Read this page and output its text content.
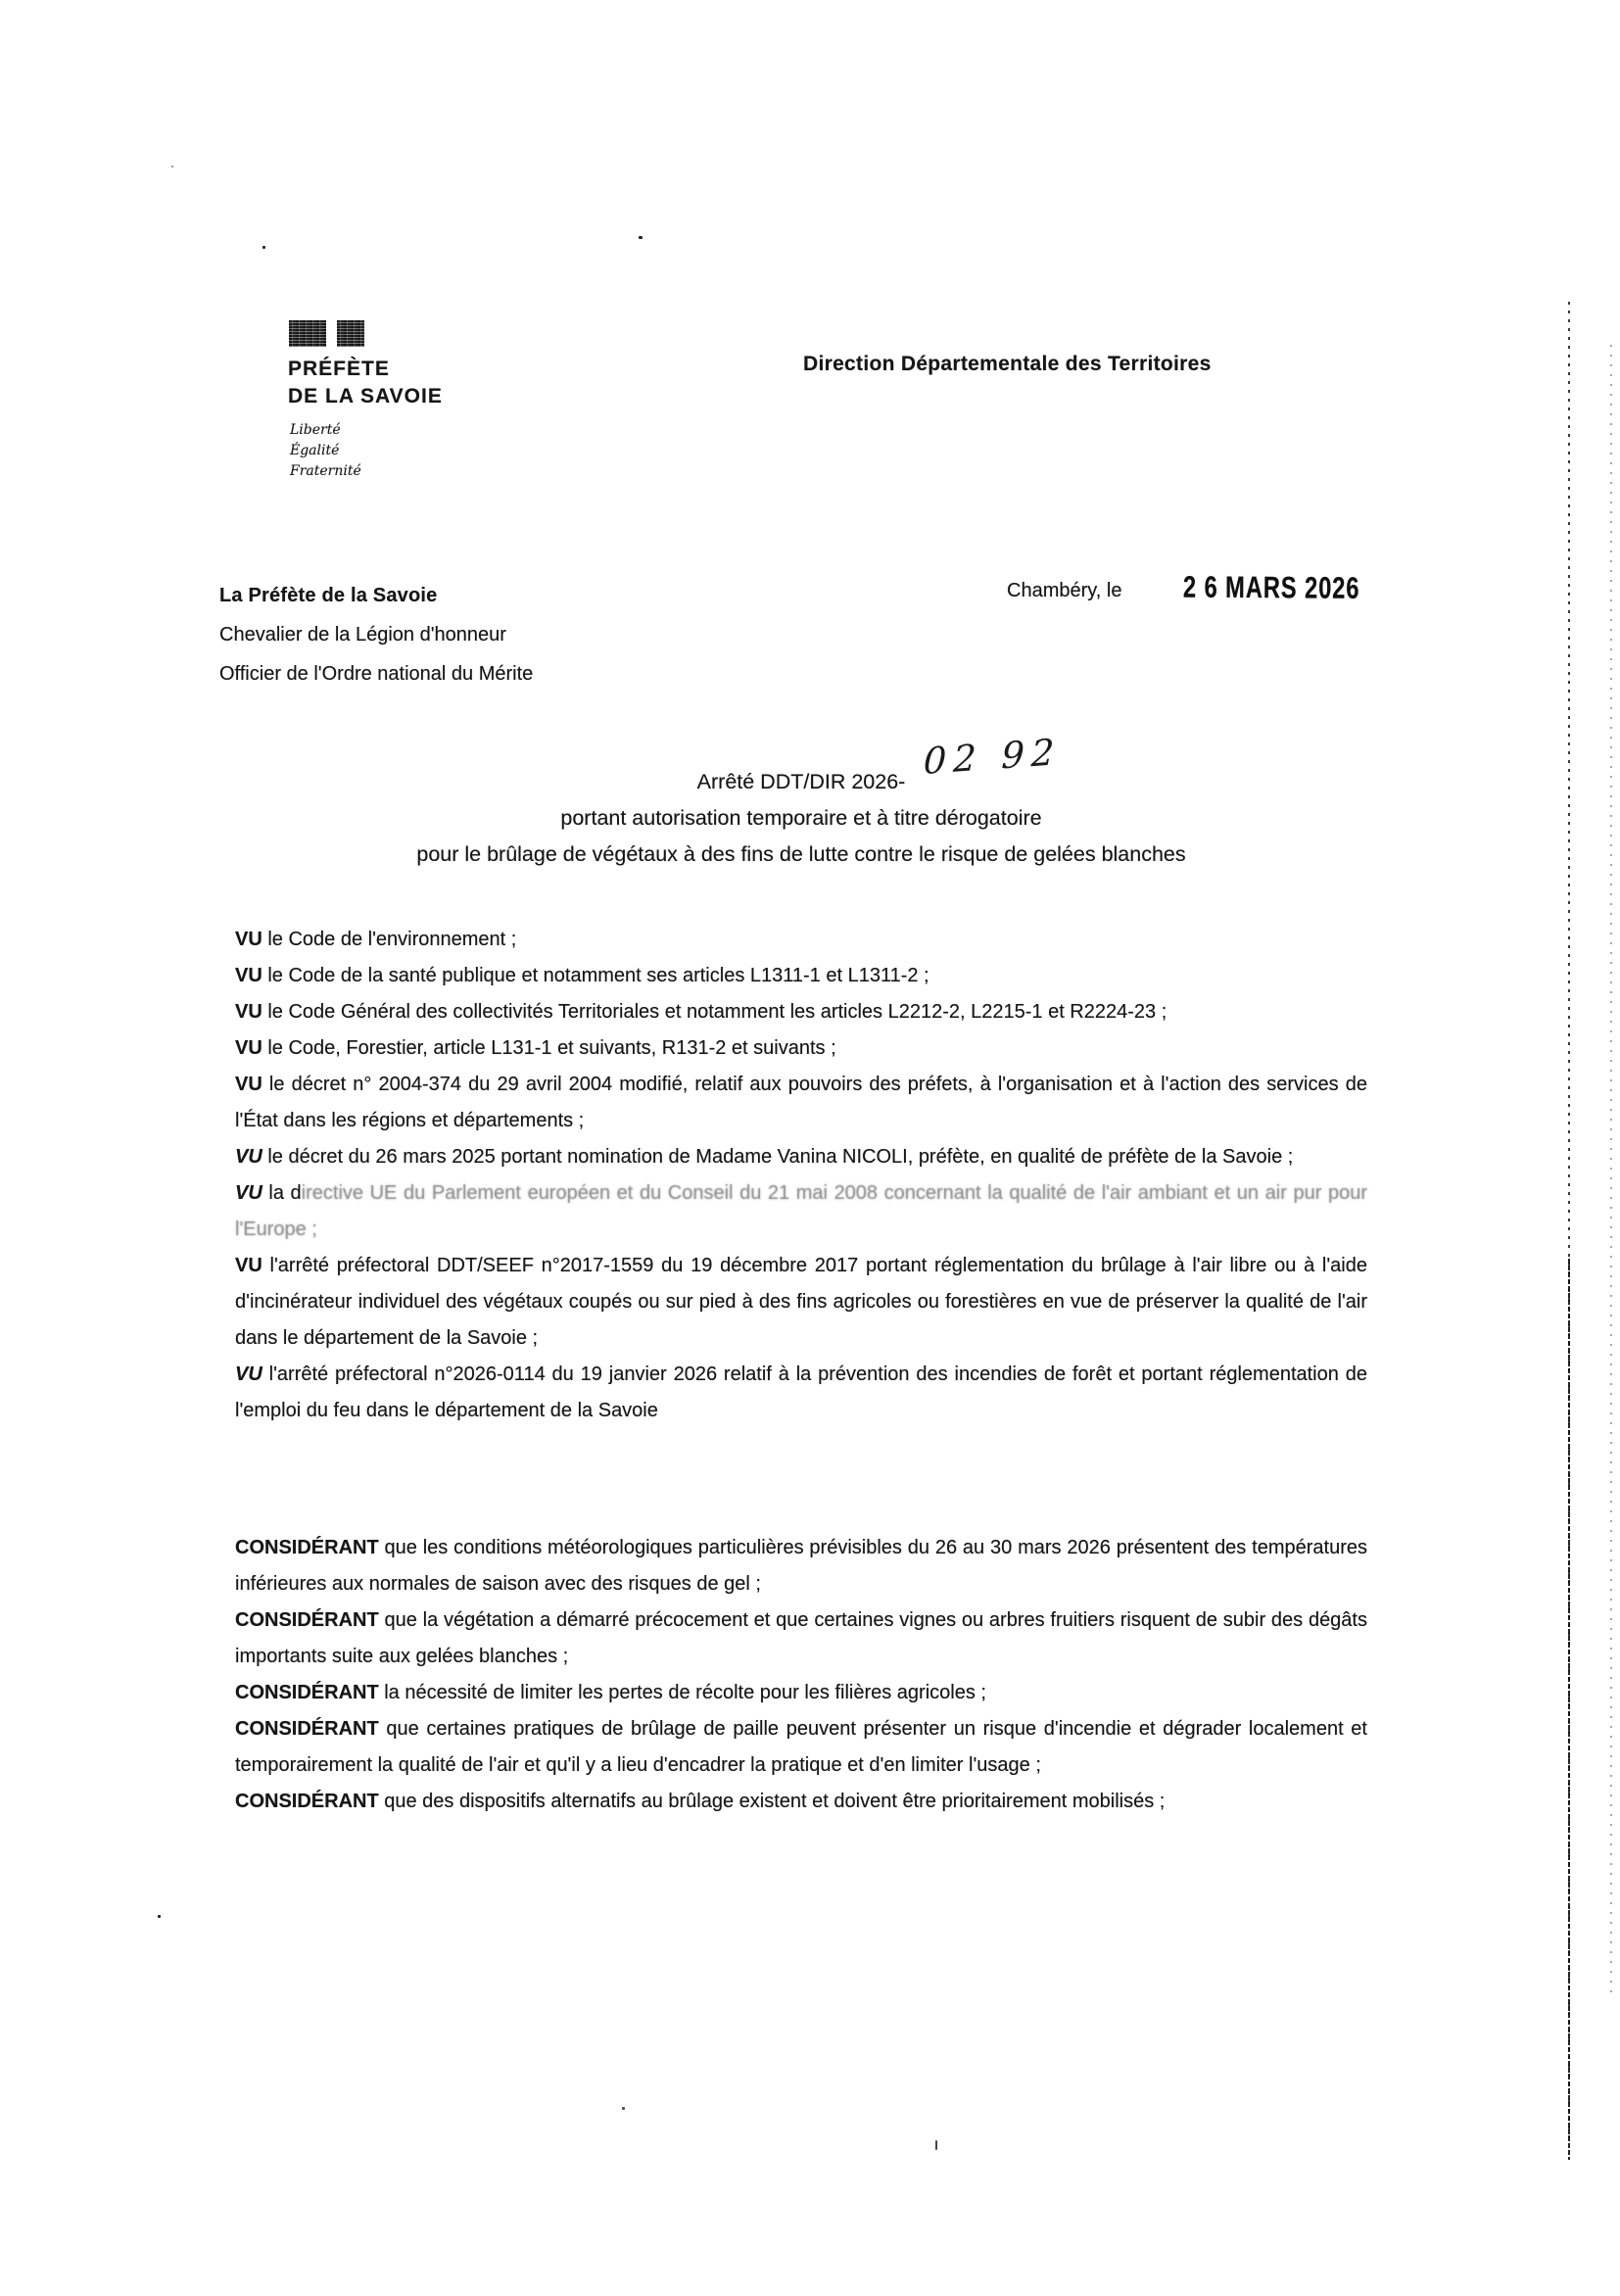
PRÉFÈTE
DE LA SAVOIE
Liberté
Égalité
Fraternité
Direction Départementale des Territoires
La Préfète de la Savoie
Chevalier de la Légion d'honneur
Officier de l'Ordre national du Mérite
Chambéry, le 2 6 MARS 2026
Arrêté DDT/DIR 2026-
portant autorisation temporaire et à titre dérogatoire
pour le brûlage de végétaux à des fins de lutte contre le risque de gelées blanches
02 92

VU le Code de l'environnement ;

VU le Code de la santé publique et notamment ses articles L1311-1 et L1311-2 ;

VU le Code Général des collectivités Territoriales et notamment les articles L2212-2, L2215-1 et R2224-23 ;

VU le Code, Forestier, article L131-1 et suivants, R131-2 et suivants ;

VU le décret n° 2004-374 du 29 avril 2004 modifié, relatif aux pouvoirs des préfets, à l'organisation et à l'action des services de l'État dans les régions et départements ;

VU le décret du 26 mars 2025 portant nomination de Madame Vanina NICOLI, préfète, en qualité de préfète de la Savoie ;

VU la directive UE du Parlement européen et du Conseil du 21 mai 2008 concernant la qualité de l'air ambiant et un air pur pour l'Europe ;

VU l'arrêté préfectoral DDT/SEEF n°2017-1559 du 19 décembre 2017 portant réglementation du brûlage à l'air libre ou à l'aide d'incinérateur individuel des végétaux coupés ou sur pied à des fins agricoles ou forestières en vue de préserver la qualité de l'air dans le département de la Savoie ;

VU l'arrêté préfectoral n°2026-0114 du 19 janvier 2026 relatif à la prévention des incendies de forêt et portant réglementation de l'emploi du feu dans le département de la Savoie

CONSIDÉRANT que les conditions météorologiques particulières prévisibles du 26 au 30 mars 2026 présentent des températures inférieures aux normales de saison avec des risques de gel ;

CONSIDÉRANT que la végétation a démarré précocement et que certaines vignes ou arbres fruitiers risquent de subir des dégâts importants suite aux gelées blanches ;

CONSIDÉRANT la nécessité de limiter les pertes de récolte pour les filières agricoles ;

CONSIDÉRANT que certaines pratiques de brûlage de paille peuvent présenter un risque d'incendie et dégrader localement et temporairement la qualité de l'air et qu'il y a lieu d'encadrer la pratique et d'en limiter l'usage ;

CONSIDÉRANT que des dispositifs alternatifs au brûlage existent et doivent être prioritairement mobilisés ;
